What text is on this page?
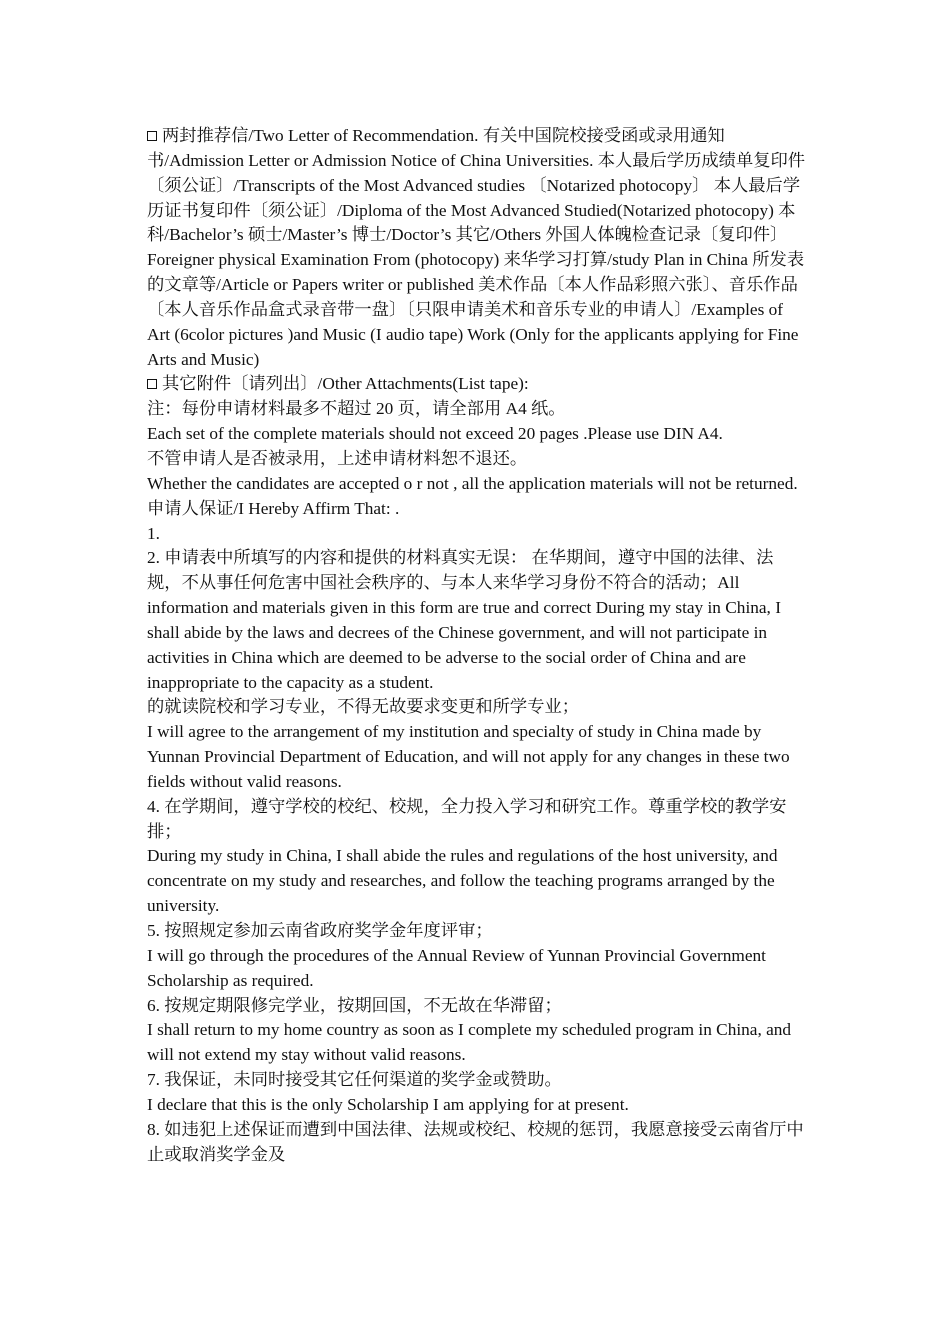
两封推荐信/Two Letter of Recommendation. 有关中国院校接受函或录用通知书/Admission Letter or Admission Notice of China Universities. 本人最后学历成绩单复印件〔须公证〕/Transcripts of the Most Advanced studies 〔Notarized photocopy〕 本人最后学历证书复印件〔须公证〕/Diploma of the Most Advanced Studied(Notarized photocopy) 本科/Bachelor’s 硕士/Master’s 博士/Doctor’s 其它/Others 外国人体魄检查记录〔复印件〕Foreigner physical Examination From (photocopy) 来华学习打算/study Plan in China 所发表的文章等/Article or Papers writer or published 美术作品〔本人作品彩照六张〕、音乐作品〔本人音乐作品盒式录音带一盘〕〔只限申请美术和音乐专业的申请人〕/Examples of Art (6color pictures )and Music (I audio tape) Work (Only for the applicants applying for Fine Arts and Music)

其它附件〔请列出〕/Other Attachments(List tape):

注：每份申请材料最多不超过 20 页，请全部用 A4 纸。

Each set of the complete materials should not exceed 20 pages .Please use DIN A4.

不管申请人是否被录用，上述申请材料恕不退还。

Whether the candidates are accepted o r not , all the application materials will not be returned.

申请人保证/I Hereby Affirm That: .

1.

2. 申请表中所填写的内容和提供的材料真实无误： 在华期间，遵守中国的法律、法规，不从事任何危害中国社会秩序的、与本人来华学习身份不符合的活动；All information and materials given in this form are true and correct During my stay in China, I shall abide by the laws and decrees of the Chinese government, and will not participate in activities in China which are deemed to be adverse to the social order of China and are inappropriate to the capacity as a student.

的就读院校和学习专业，不得无故要求变更和所学专业；

I will agree to the arrangement of my institution and specialty of study in China made by Yunnan Provincial Department of Education, and will not apply for any changes in these two fields without valid reasons.

4. 在学期间，遵守学校的校纪、校规，全力投入学习和研究工作。尊重学校的教学安排；

During my study in China, I shall abide the rules and regulations of the host university, and concentrate on my study and researches, and follow the teaching programs arranged by the university.

5. 按照规定参加云南省政府奖学金年度评审；

I will go through the procedures of the Annual Review of Yunnan Provincial Government Scholarship as required.

6. 按规定期限修完学业，按期回国，不无故在华滞留；

I shall return to my home country as soon as I complete my scheduled program in China, and will not extend my stay without valid reasons.

7. 我保证，未同时接受其它任何渠道的奖学金或赞助。

I declare that this is the only Scholarship I am applying for at present.

8. 如违犯上述保证而遭到中国法律、法规或校纪、校规的惩罚，我愿意接受云南省厅中止或取消奖学金及
